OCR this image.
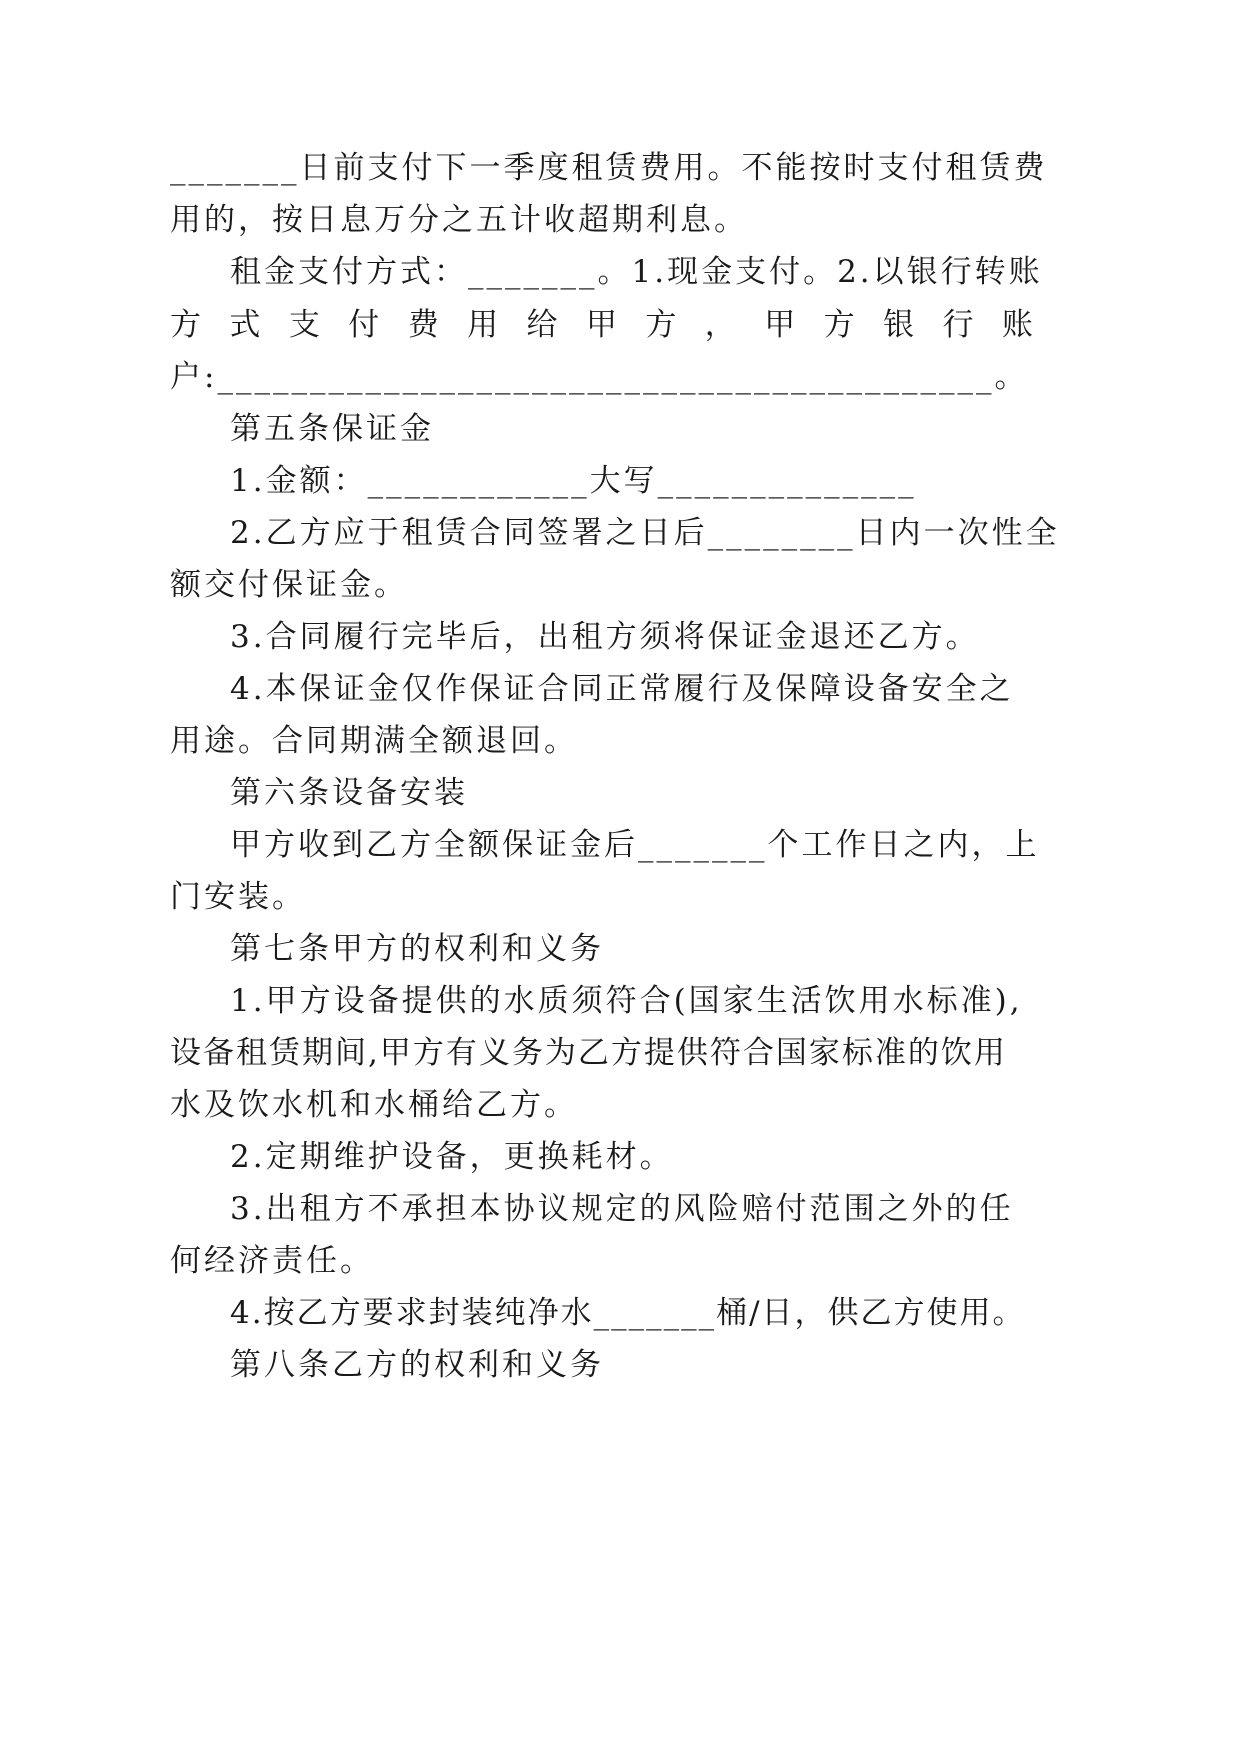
_______日前支付下一季度租赁费用。不能按时支付租赁费
用的，按日息万分之五计收超期利息。
租金支付方式：_______。1.现金支付。2.以银行转账
方 式 支 付 费 用 给 甲 方 ， 甲 方 银 行 账
户:__________________________________________。
第五条保证金
1.金额：____________大写______________
2.乙方应于租赁合同签署之日后________日内一次性全
额交付保证金。
3.合同履行完毕后，出租方须将保证金退还乙方。
4.本保证金仅作保证合同正常履行及保障设备安全之
用途。合同期满全额退回。
第六条设备安装
甲方收到乙方全额保证金后_______个工作日之内，上
门安装。
第七条甲方的权利和义务
1.甲方设备提供的水质须符合(国家生活饮用水标准),
设备租赁期间,甲方有义务为乙方提供符合国家标准的饮用
水及饮水机和水桶给乙方。
2.定期维护设备，更换耗材。
3.出租方不承担本协议规定的风险赔付范围之外的任
何经济责任。
4.按乙方要求封装纯净水_______桶/日，供乙方使用。
第八条乙方的权利和义务
